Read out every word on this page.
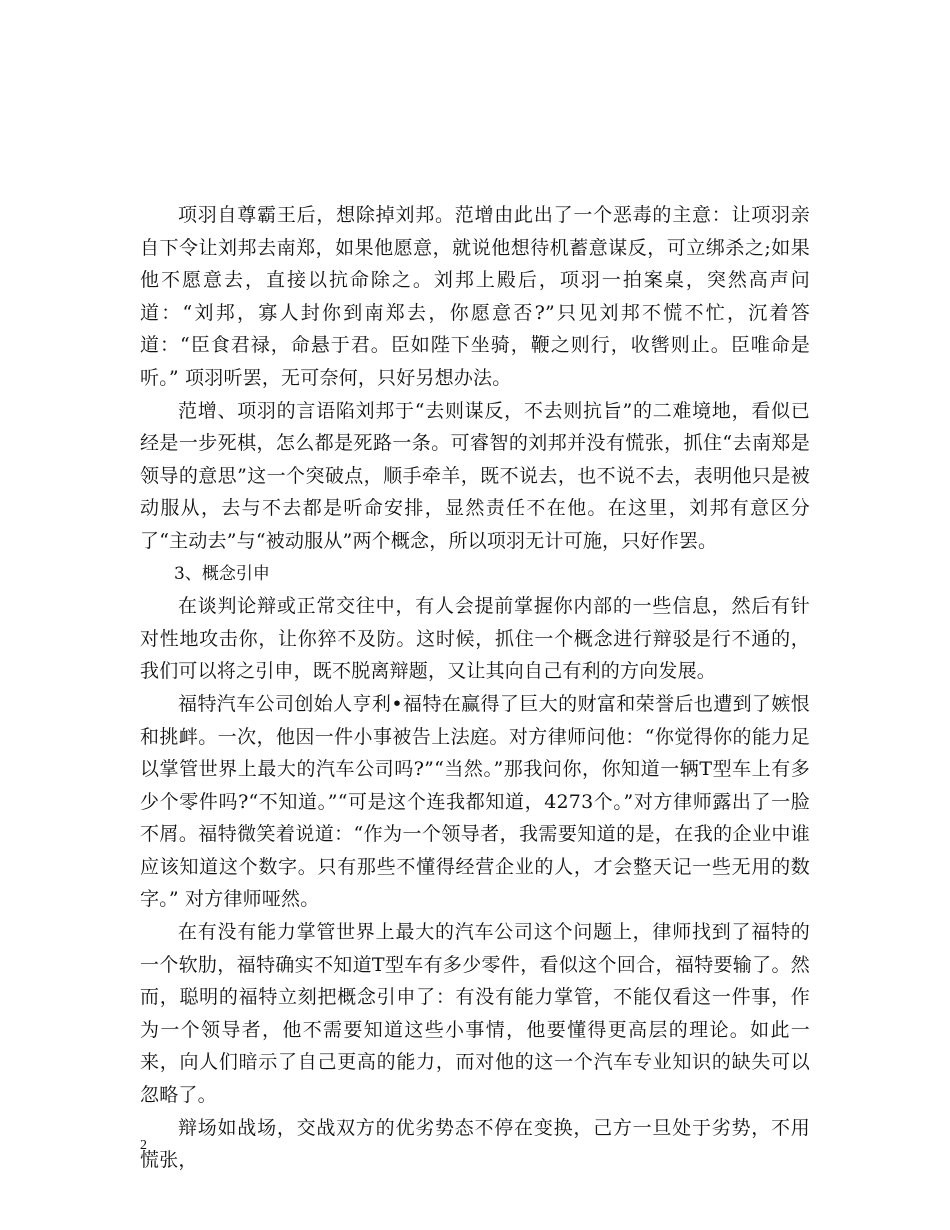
项羽自尊霸王后，想除掉刘邦。范增由此出了一个恶毒的主意：让项羽亲自下令让刘邦去南郑，如果他愿意，就说他想待机蓄意谋反，可立绑杀之;如果他不愿意去，直接以抗命除之。刘邦上殿后，项羽一拍案桌，突然高声问道：“刘邦，寡人封你到南郑去，你愿意否?”只见刘邦不慌不忙，沉着答道：“臣食君禄，命悬于君。臣如陛下坐骑，鞭之则行，收辔则止。臣唯命是听。” 项羽听罢，无可奈何，只好另想办法。

范增、项羽的言语陷刘邦于“去则谋反，不去则抗旨”的二难境地，看似已经是一步死棋，怎么都是死路一条。可睿智的刘邦并没有慌张，抓住“去南郑是领导的意思”这一个突破点，顺手牵羊，既不说去，也不说不去，表明他只是被动服从，去与不去都是听命安排，显然责任不在他。在这里，刘邦有意区分了“主动去”与“被动服从”两个概念，所以项羽无计可施，只好作罢。

3、概念引申

在谈判论辩或正常交往中，有人会提前掌握你内部的一些信息，然后有针对性地攻击你，让你猝不及防。这时候，抓住一个概念进行辩驳是行不通的，我们可以将之引申，既不脱离辩题，又让其向自己有利的方向发展。

福特汽车公司创始人亨利•福特在赢得了巨大的财富和荣誉后也遭到了嫉恨和挑衅。一次，他因一件小事被告上法庭。对方律师问他：“你觉得你的能力足以掌管世界上最大的汽车公司吗?”“当然。”那我问你，你知道一辆T型车上有多少个零件吗?“不知道。”“可是这个连我都知道，4273个。”对方律师露出了一脸不屑。福特微笑着说道：“作为一个领导者，我需要知道的是，在我的企业中谁应该知道这个数字。只有那些不懂得经营企业的人，才会整天记一些无用的数字。” 对方律师哑然。

在有没有能力掌管世界上最大的汽车公司这个问题上，律师找到了福特的一个软肋，福特确实不知道T型车有多少零件，看似这个回合，福特要输了。然而，聪明的福特立刻把概念引申了：有没有能力掌管，不能仅看这一件事，作为一个领导者，他不需要知道这些小事情，他要懂得更高层的理论。如此一来，向人们暗示了自己更高的能力，而对他的这一个汽车专业知识的缺失可以忽略了。

辩场如战场，交战双方的优劣势态不停在变换，己方一旦处于劣势，不用慌张，

2
